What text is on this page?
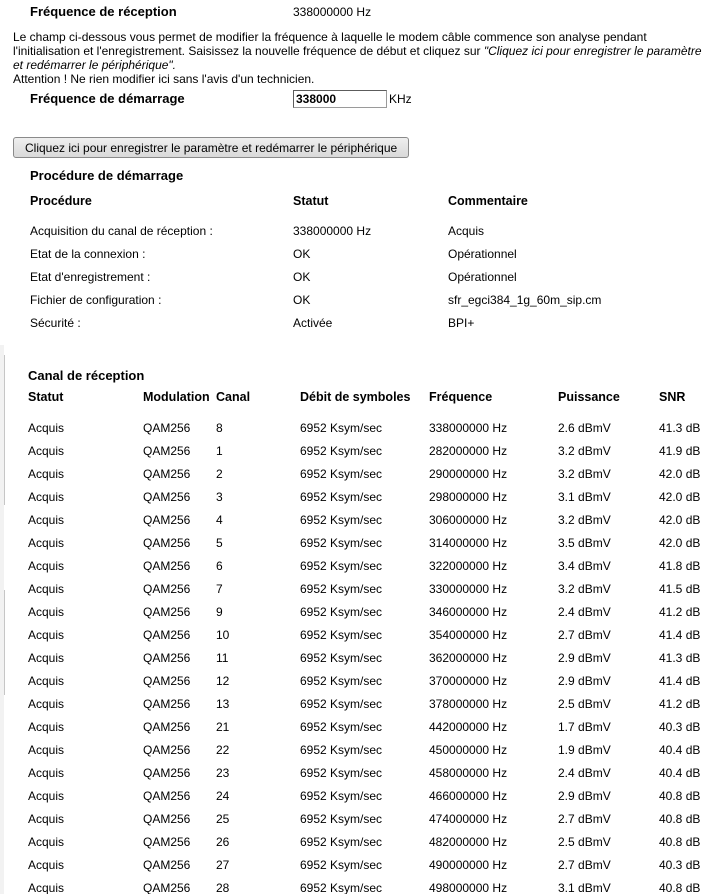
Fréquence de réception	338000000 Hz
Le champ ci-dessous vous permet de modifier la fréquence à laquelle le modem câble commence son analyse pendant l'initialisation et l'enregistrement. Saisissez la nouvelle fréquence de début et cliquez sur "Cliquez ici pour enregistrer le paramètre et redémarrer le périphérique".
Attention ! Ne rien modifier ici sans l'avis d'un technicien.
Fréquence de démarrage
338000	KHz
Cliquez ici pour enregistrer le paramètre et redémarrer le périphérique
Procédure de démarrage
Procédure	Statut	Commentaire
Acquisition du canal de réception :	338000000 Hz	Acquis
Etat de la connexion :	OK	Opérationnel
Etat d'enregistrement :	OK	Opérationnel
Fichier de configuration :	OK	sfr_egci384_1g_60m_sip.cm
Sécurité :	Activée	BPI+
Canal de réception
Statut	Modulation	Canal	Débit de symboles	Fréquence	Puissance	SNR
Acquis	QAM256	8	6952 Ksym/sec	338000000 Hz	2.6 dBmV	41.3 dB
Acquis	QAM256	1	6952 Ksym/sec	282000000 Hz	3.2 dBmV	41.9 dB
Acquis	QAM256	2	6952 Ksym/sec	290000000 Hz	3.2 dBmV	42.0 dB
Acquis	QAM256	3	6952 Ksym/sec	298000000 Hz	3.1 dBmV	42.0 dB
Acquis	QAM256	4	6952 Ksym/sec	306000000 Hz	3.2 dBmV	42.0 dB
Acquis	QAM256	5	6952 Ksym/sec	314000000 Hz	3.5 dBmV	42.0 dB
Acquis	QAM256	6	6952 Ksym/sec	322000000 Hz	3.4 dBmV	41.8 dB
Acquis	QAM256	7	6952 Ksym/sec	330000000 Hz	3.2 dBmV	41.5 dB
Acquis	QAM256	9	6952 Ksym/sec	346000000 Hz	2.4 dBmV	41.2 dB
Acquis	QAM256	10	6952 Ksym/sec	354000000 Hz	2.7 dBmV	41.4 dB
Acquis	QAM256	11	6952 Ksym/sec	362000000 Hz	2.9 dBmV	41.3 dB
Acquis	QAM256	12	6952 Ksym/sec	370000000 Hz	2.9 dBmV	41.4 dB
Acquis	QAM256	13	6952 Ksym/sec	378000000 Hz	2.5 dBmV	41.2 dB
Acquis	QAM256	21	6952 Ksym/sec	442000000 Hz	1.7 dBmV	40.3 dB
Acquis	QAM256	22	6952 Ksym/sec	450000000 Hz	1.9 dBmV	40.4 dB
Acquis	QAM256	23	6952 Ksym/sec	458000000 Hz	2.4 dBmV	40.4 dB
Acquis	QAM256	24	6952 Ksym/sec	466000000 Hz	2.9 dBmV	40.8 dB
Acquis	QAM256	25	6952 Ksym/sec	474000000 Hz	2.7 dBmV	40.8 dB
Acquis	QAM256	26	6952 Ksym/sec	482000000 Hz	2.5 dBmV	40.8 dB
Acquis	QAM256	27	6952 Ksym/sec	490000000 Hz	2.7 dBmV	40.3 dB
Acquis	QAM256	28	6952 Ksym/sec	498000000 Hz	3.1 dBmV	40.8 dB
